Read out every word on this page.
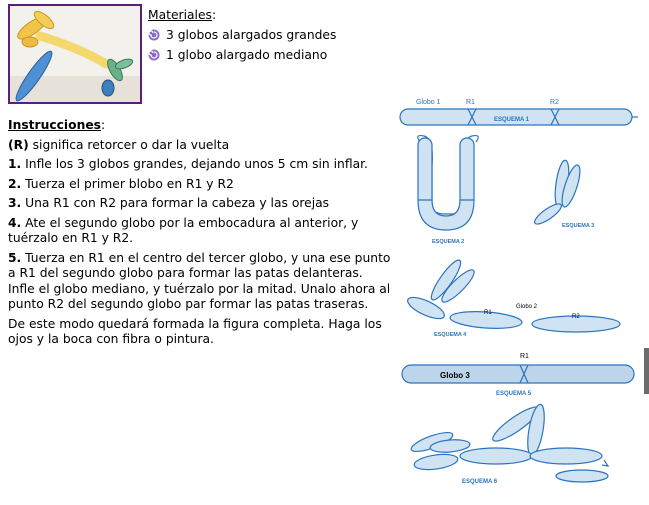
Materiales:
3 globos alargados grandes
1 globo alargado mediano

Instrucciones:

(R) significa retorcer o dar la vuelta

1. Infle los 3 globos grandes, dejando unos 5 cm sin inflar.

2. Tuerza el primer blobo en R1 y R2

3. Una R1 con R2 para formar la cabeza y las orejas

4. Ate el segundo globo por la embocadura al anterior, y tuérzalo en R1 y R2.

5. Tuerza en R1 en el centro del tercer globo, y una ese punto a R1 del segundo globo para formar las patas delanteras. Infle el globo mediano, y tuérzalo por la mitad. Unalo ahora al punto R2 del segundo globo par formar las patas traseras.

De este modo quedará formada la figura completa. Haga los ojos y la boca con fibra o pintura.

Globo 1	R1	R2
ESQUEMA 1
ESQUEMA 2
ESQUEMA 3
Globo 2
R1
R2
ESQUEMA 4
R1
Globo 3
ESQUEMA 5
ESQUEMA 6
